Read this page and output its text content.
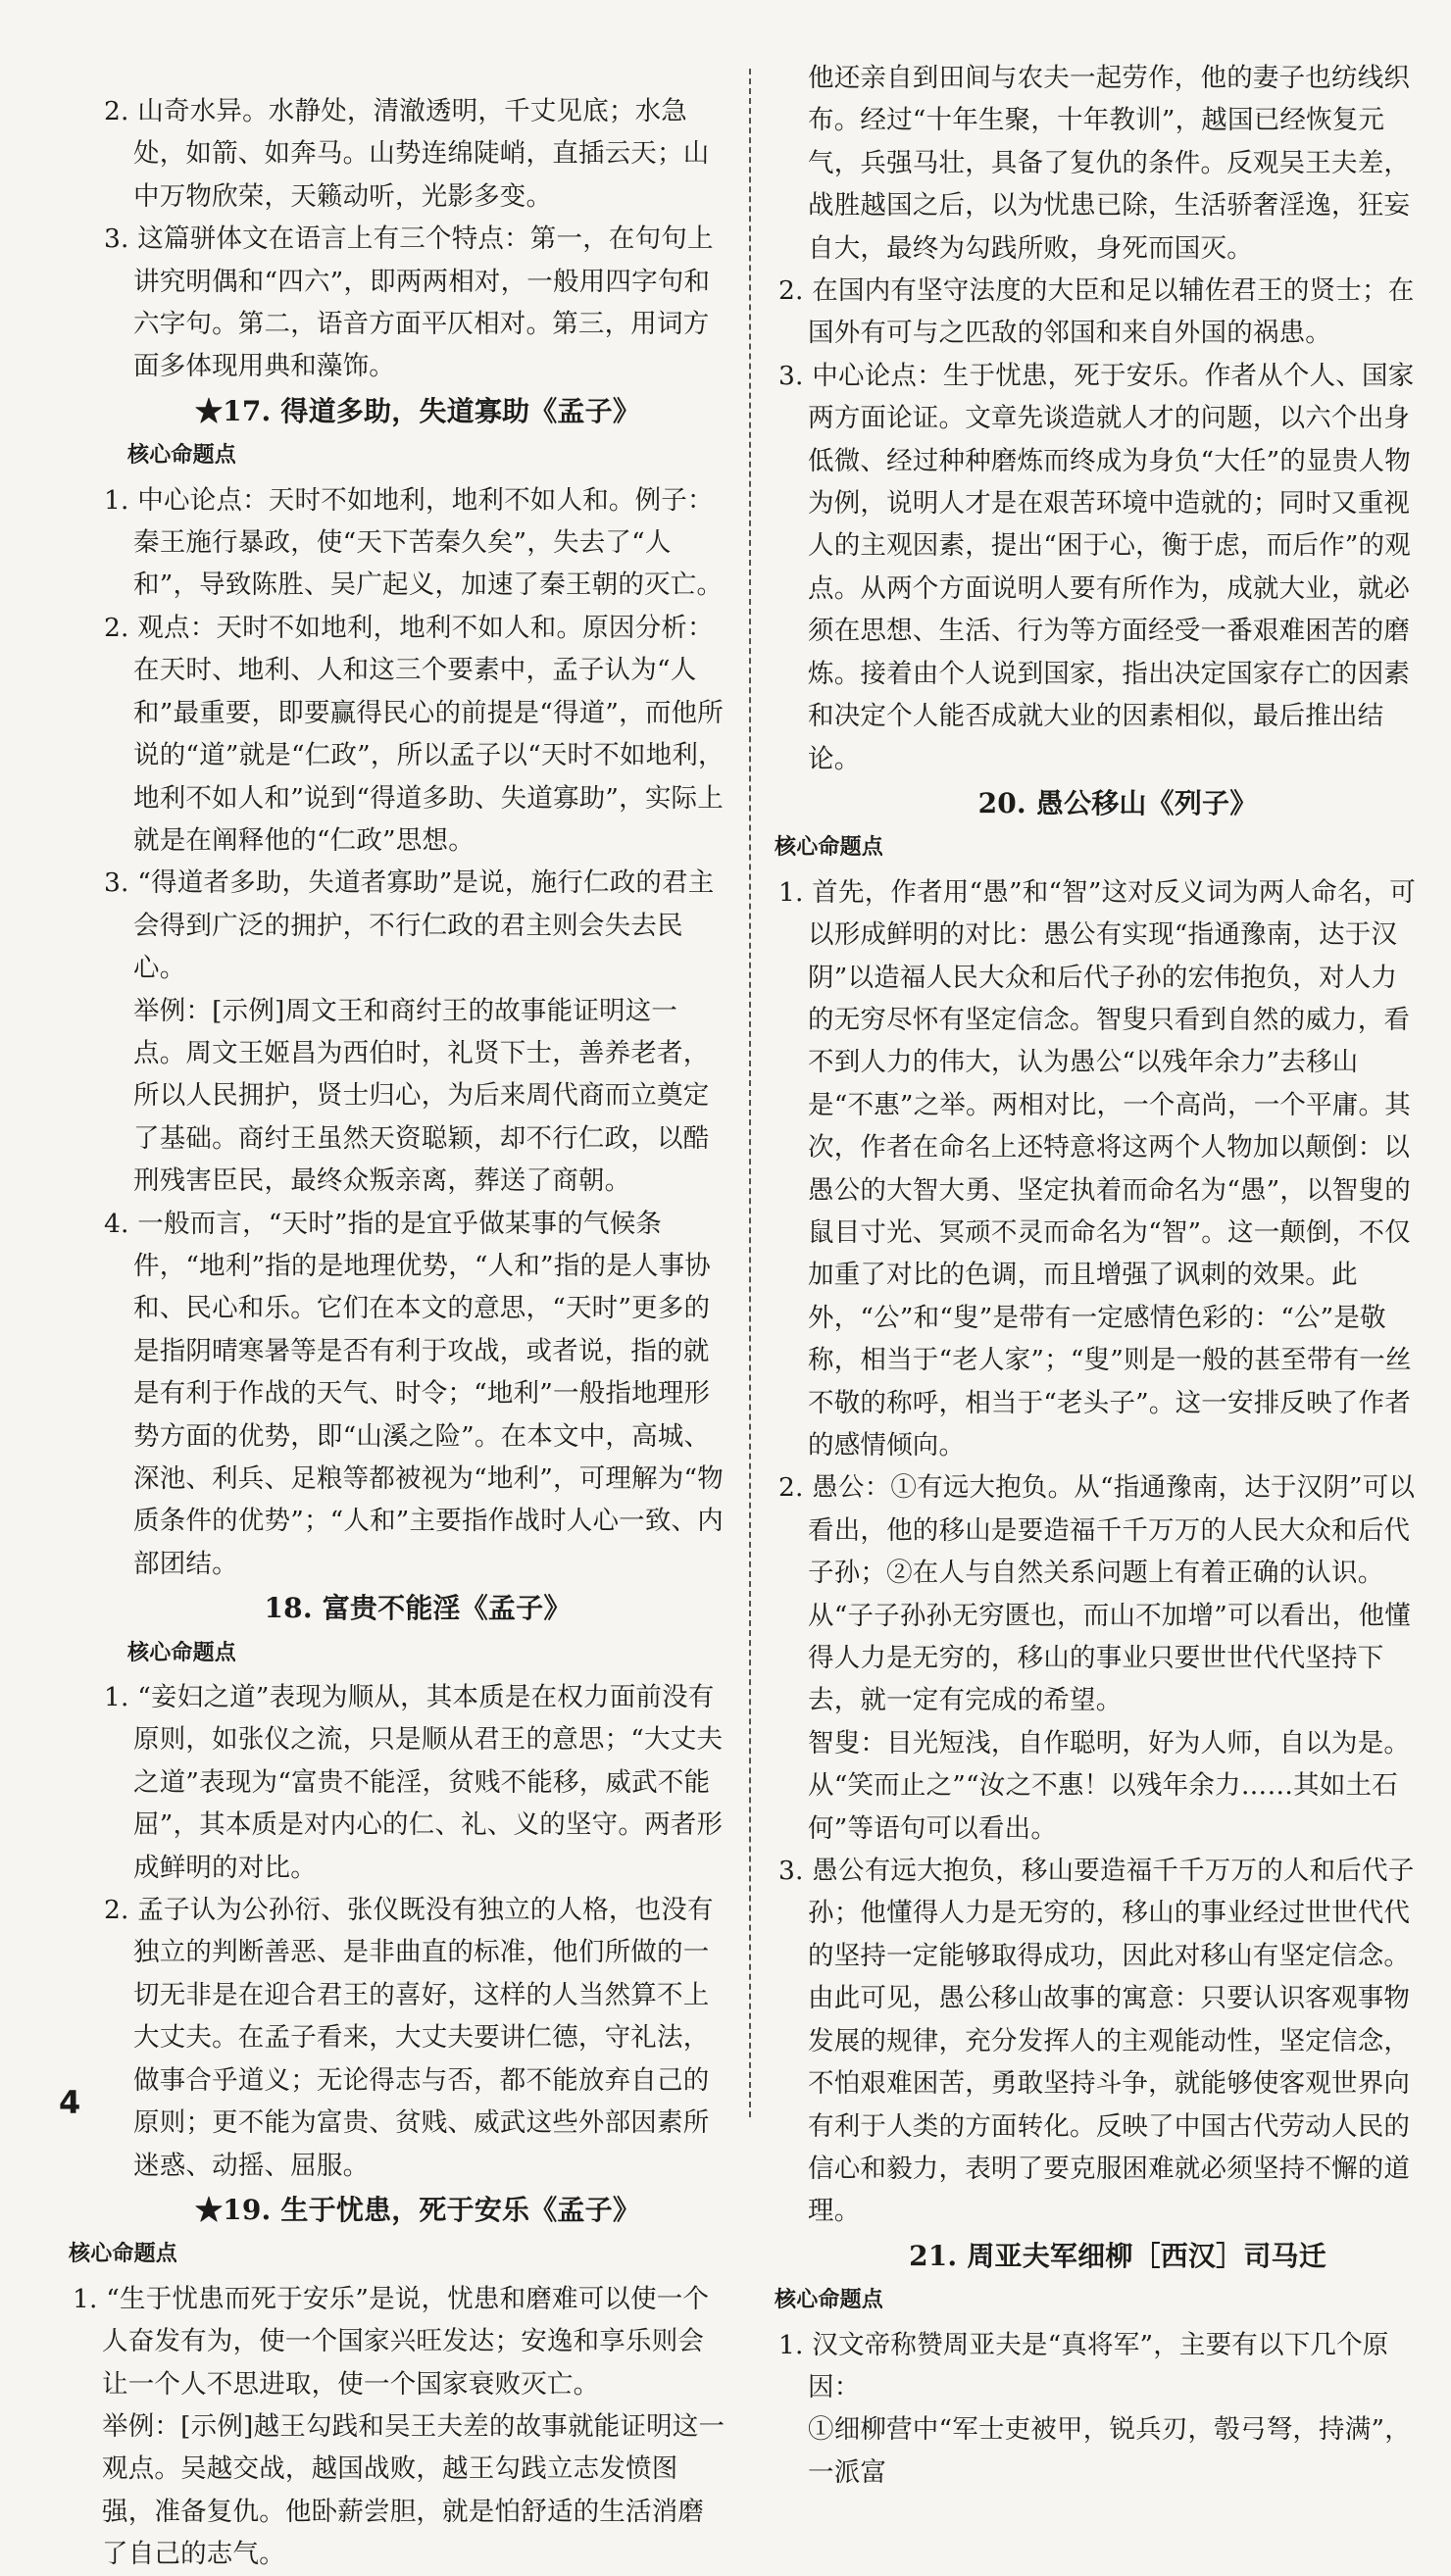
2. 山奇水异。水静处，清澈透明，千丈见底；水急处，如箭、如奔马。山势连绵陡峭，直插云天；山中万物欣荣，天籁动听，光影多变。

3. 这篇骈体文在语言上有三个特点：第一，在句句上讲究明偶和“四六”，即两两相对，一般用四字句和六字句。第二，语音方面平仄相对。第三，用词方面多体现用典和藻饰。

★17. 得道多助，失道寡助《孟子》
核心命题点

1. 中心论点：天时不如地利，地利不如人和。例子：秦王施行暴政，使“天下苦秦久矣”，失去了“人和”，导致陈胜、吴广起义，加速了秦王朝的灭亡。

2. 观点：天时不如地利，地利不如人和。原因分析：在天时、地利、人和这三个要素中，孟子认为“人和”最重要，即要赢得民心的前提是“得道”，而他所说的“道”就是“仁政”，所以孟子以“天时不如地利，地利不如人和”说到“得道多助、失道寡助”，实际上就是在阐释他的“仁政”思想。

3. “得道者多助，失道者寡助”是说，施行仁政的君主会得到广泛的拥护，不行仁政的君主则会失去民心。

举例：[示例]周文王和商纣王的故事能证明这一点。周文王姬昌为西伯时，礼贤下士，善养老者，所以人民拥护，贤士归心，为后来周代商而立奠定了基础。商纣王虽然天资聪颖，却不行仁政，以酷刑残害臣民，最终众叛亲离，葬送了商朝。

4. 一般而言，“天时”指的是宜乎做某事的气候条件，“地利”指的是地理优势，“人和”指的是人事协和、民心和乐。它们在本文的意思，“天时”更多的是指阴晴寒暑等是否有利于攻战，或者说，指的就是有利于作战的天气、时令；“地利”一般指地理形势方面的优势，即“山溪之险”。在本文中，高城、深池、利兵、足粮等都被视为“地利”，可理解为“物质条件的优势”；“人和”主要指作战时人心一致、内部团结。

18. 富贵不能淫《孟子》
核心命题点

1. “妾妇之道”表现为顺从，其本质是在权力面前没有原则，如张仪之流，只是顺从君王的意思；“大丈夫之道”表现为“富贵不能淫，贫贱不能移，威武不能屈”，其本质是对内心的仁、礼、义的坚守。两者形成鲜明的对比。

2. 孟子认为公孙衍、张仪既没有独立的人格，也没有独立的判断善恶、是非曲直的标准，他们所做的一切无非是在迎合君王的喜好，这样的人当然算不上大丈夫。在孟子看来，大丈夫要讲仁德，守礼法，做事合乎道义；无论得志与否，都不能放弃自己的原则；更不能为富贵、贫贱、威武这些外部因素所迷惑、动摇、屈服。

★19. 生于忧患，死于安乐《孟子》
核心命题点

1. “生于忧患而死于安乐”是说，忧患和磨难可以使一个人奋发有为，使一个国家兴旺发达；安逸和享乐则会让一个人不思进取，使一个国家衰败灭亡。

举例：[示例]越王勾践和吴王夫差的故事就能证明这一观点。吴越交战，越国战败，越王勾践立志发愤图强，准备复仇。他卧薪尝胆，就是怕舒适的生活消磨了自己的志气。

他还亲自到田间与农夫一起劳作，他的妻子也纺线织布。经过“十年生聚，十年教训”，越国已经恢复元气，兵强马壮，具备了复仇的条件。反观吴王夫差，战胜越国之后，以为忧患已除，生活骄奢淫逸，狂妄自大，最终为勾践所败，身死而国灭。

2. 在国内有坚守法度的大臣和足以辅佐君王的贤士；在国外有可与之匹敌的邻国和来自外国的祸患。

3. 中心论点：生于忧患，死于安乐。作者从个人、国家两方面论证。文章先谈造就人才的问题，以六个出身低微、经过种种磨炼而终成为身负“大任”的显贵人物为例，说明人才是在艰苦环境中造就的；同时又重视人的主观因素，提出“困于心，衡于虑，而后作”的观点。从两个方面说明人要有所作为，成就大业，就必须在思想、生活、行为等方面经受一番艰难困苦的磨炼。接着由个人说到国家，指出决定国家存亡的因素和决定个人能否成就大业的因素相似，最后推出结论。

20. 愚公移山《列子》
核心命题点

1. 首先，作者用“愚”和“智”这对反义词为两人命名，可以形成鲜明的对比：愚公有实现“指通豫南，达于汉阴”以造福人民大众和后代子孙的宏伟抱负，对人力的无穷尽怀有坚定信念。智叟只看到自然的威力，看不到人力的伟大，认为愚公“以残年余力”去移山是“不惠”之举。两相对比，一个高尚，一个平庸。其次，作者在命名上还特意将这两个人物加以颠倒：以愚公的大智大勇、坚定执着而命名为“愚”，以智叟的鼠目寸光、冥顽不灵而命名为“智”。这一颠倒，不仅加重了对比的色调，而且增强了讽刺的效果。此外，“公”和“叟”是带有一定感情色彩的：“公”是敬称，相当于“老人家”；“叟”则是一般的甚至带有一丝不敬的称呼，相当于“老头子”。这一安排反映了作者的感情倾向。

2. 愚公：①有远大抱负。从“指通豫南，达于汉阴”可以看出，他的移山是要造福千千万万的人民大众和后代子孙；②在人与自然关系问题上有着正确的认识。从“子子孙孙无穷匮也，而山不加增”可以看出，他懂得人力是无穷的，移山的事业只要世世代代坚持下去，就一定有完成的希望。

智叟：目光短浅，自作聪明，好为人师，自以为是。从“笑而止之”“汝之不惠！以残年余力……其如土石何”等语句可以看出。

3. 愚公有远大抱负，移山要造福千千万万的人和后代子孙；他懂得人力是无穷的，移山的事业经过世世代代的坚持一定能够取得成功，因此对移山有坚定信念。由此可见，愚公移山故事的寓意：只要认识客观事物发展的规律，充分发挥人的主观能动性，坚定信念，不怕艰难困苦，勇敢坚持斗争，就能够使客观世界向有利于人类的方面转化。反映了中国古代劳动人民的信心和毅力，表明了要克服困难就必须坚持不懈的道理。

21. 周亚夫军细柳［西汉］司马迁
核心命题点

1. 汉文帝称赞周亚夫是“真将军”，主要有以下几个原因：

①细柳营中“军士吏被甲，锐兵刃，彀弓弩，持满”，一派富

4
